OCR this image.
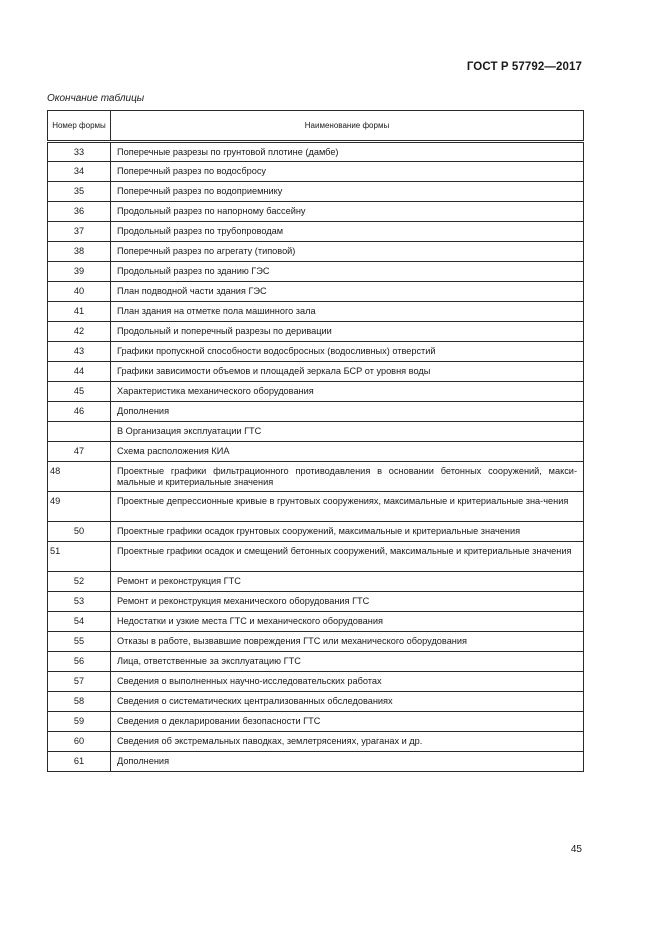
ГОСТ Р 57792—2017
Окончание таблицы
Номер формы	Наименование формы
33	Поперечные разрезы по грунтовой плотине (дамбе)
34	Поперечный разрез по водосбросу
35	Поперечный разрез по водоприемнику
36	Продольный разрез по напорному бассейну
37	Продольный разрез по трубопроводам
38	Поперечный разрез по агрегату (типовой)
39	Продольный разрез по зданию ГЭС
40	План подводной части здания ГЭС
41	План здания на отметке пола машинного зала
42	Продольный и поперечный разрезы по деривации
43	Графики пропускной способности водосбросных (водосливных) отверстий
44	Графики зависимости объемов и площадей зеркала БСР от уровня воды
45	Характеристика механического оборудования
46	Дополнения
	В Организация эксплуатации ГТС
47	Схема расположения КИА
48	Проектные графики фильтрационного противодавления в основании бетонных сооружений, макси-мальные и критериальные значения
49	Проектные депрессионные кривые в грунтовых сооружениях, максимальные и критериальные зна-чения
50	Проектные графики осадок грунтовых сооружений, максимальные и критериальные значения
51	Проектные графики осадок и смещений бетонных сооружений, максимальные и критериальные значения
52	Ремонт и реконструкция ГТС
53	Ремонт и реконструкция механического оборудования ГТС
54	Недостатки и узкие места ГТС и механического оборудования
55	Отказы в работе, вызвавшие повреждения ГТС или механического оборудования
56	Лица, ответственные за эксплуатацию ГТС
57	Сведения о выполненных научно-исследовательских работах
58	Сведения о систематических централизованных обследованиях
59	Сведения о декларировании безопасности ГТС
60	Сведения об экстремальных паводках, землетрясениях, ураганах и др.
61	Дополнения
45
